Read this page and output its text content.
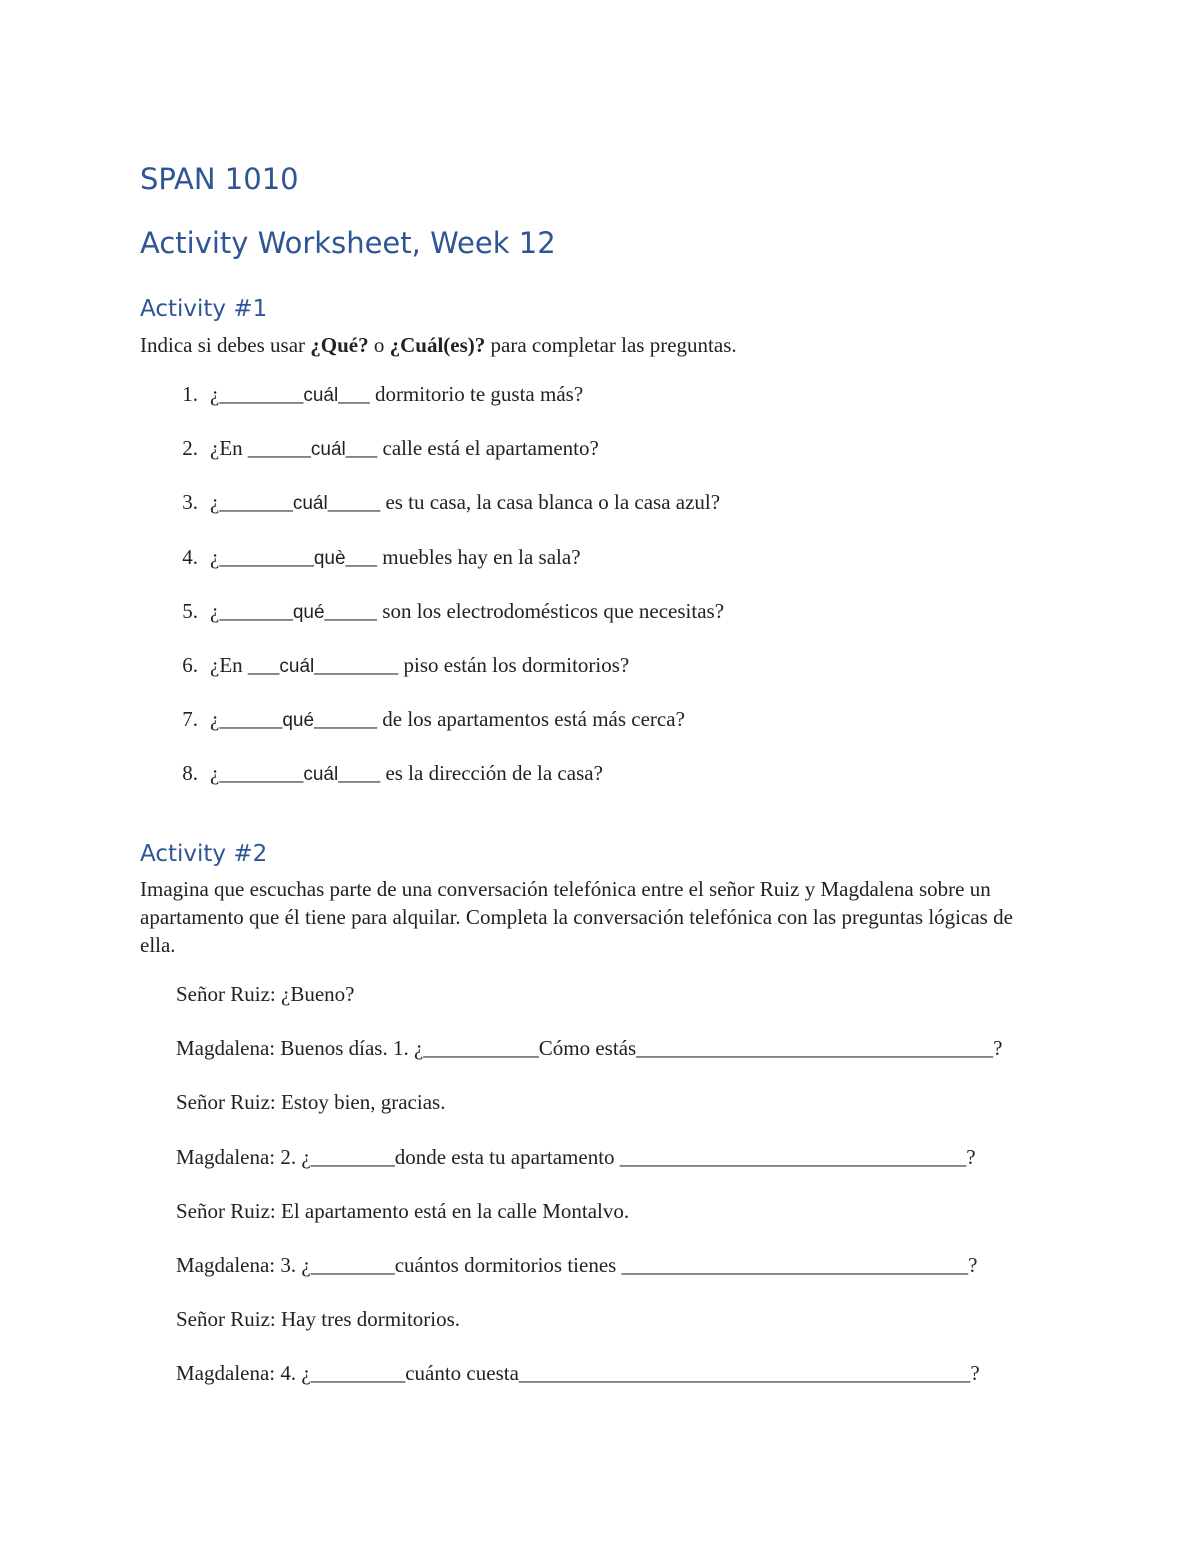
SPAN 1010
Activity Worksheet, Week 12
Activity #1

Indica si debes usar ¿Qué? o ¿Cuál(es)? para completar las preguntas.

1. ¿________cuál___ dormitorio te gusta más?
2. ¿En ______cuál___ calle está el apartamento?
3. ¿_______cuál_____ es tu casa, la casa blanca o la casa azul?
4. ¿_________què___ muebles hay en la sala?
5. ¿_______qué_____ son los electrodomésticos que necesitas?
6. ¿En ___cuál________ piso están los dormitorios?
7. ¿______qué______ de los apartamentos está más cerca?
8. ¿________cuál____ es la dirección de la casa?
Activity #2

Imagina que escuchas parte de una conversación telefónica entre el señor Ruiz y Magdalena sobre un apartamento que él tiene para alquilar. Completa la conversación telefónica con las preguntas lógicas de ella.

Señor Ruiz: ¿Bueno?
Magdalena: Buenos días. 1. ¿___________Cómo estás__________________________________?
Señor Ruiz: Estoy bien, gracias.
Magdalena: 2. ¿________donde esta tu apartamento _________________________________?
Señor Ruiz: El apartamento está en la calle Montalvo.
Magdalena: 3. ¿________cuántos dormitorios tienes _________________________________?
Señor Ruiz: Hay tres dormitorios.
Magdalena: 4. ¿_________cuánto cuesta___________________________________________?
